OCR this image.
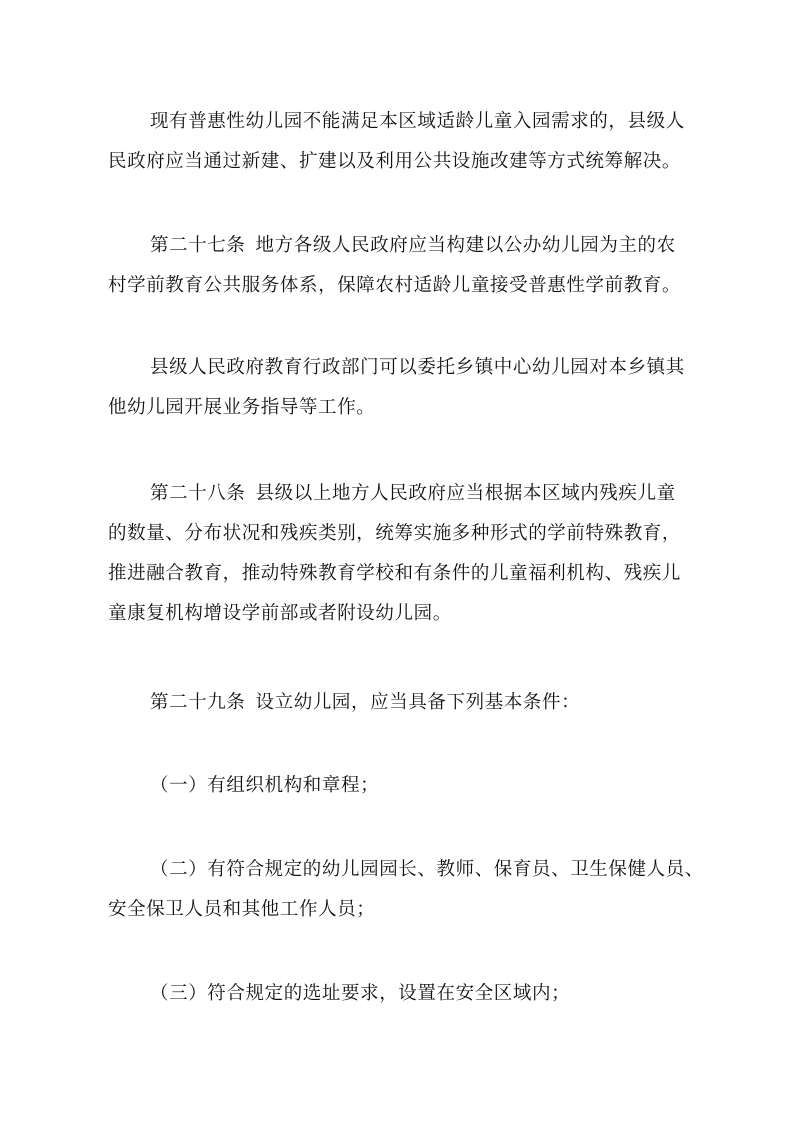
现有普惠性幼儿园不能满足本区域适龄儿童入园需求的，县级人
民政府应当通过新建、扩建以及利用公共设施改建等方式统筹解决。

第二十七条 地方各级人民政府应当构建以公办幼儿园为主的农
村学前教育公共服务体系，保障农村适龄儿童接受普惠性学前教育。

县级人民政府教育行政部门可以委托乡镇中心幼儿园对本乡镇其
他幼儿园开展业务指导等工作。

第二十八条 县级以上地方人民政府应当根据本区域内残疾儿童
的数量、分布状况和残疾类别，统筹实施多种形式的学前特殊教育，
推进融合教育，推动特殊教育学校和有条件的儿童福利机构、残疾儿
童康复机构增设学前部或者附设幼儿园。

第二十九条 设立幼儿园，应当具备下列基本条件：

（一）有组织机构和章程；

（二）有符合规定的幼儿园园长、教师、保育员、卫生保健人员、
安全保卫人员和其他工作人员；

（三）符合规定的选址要求，设置在安全区域内；
